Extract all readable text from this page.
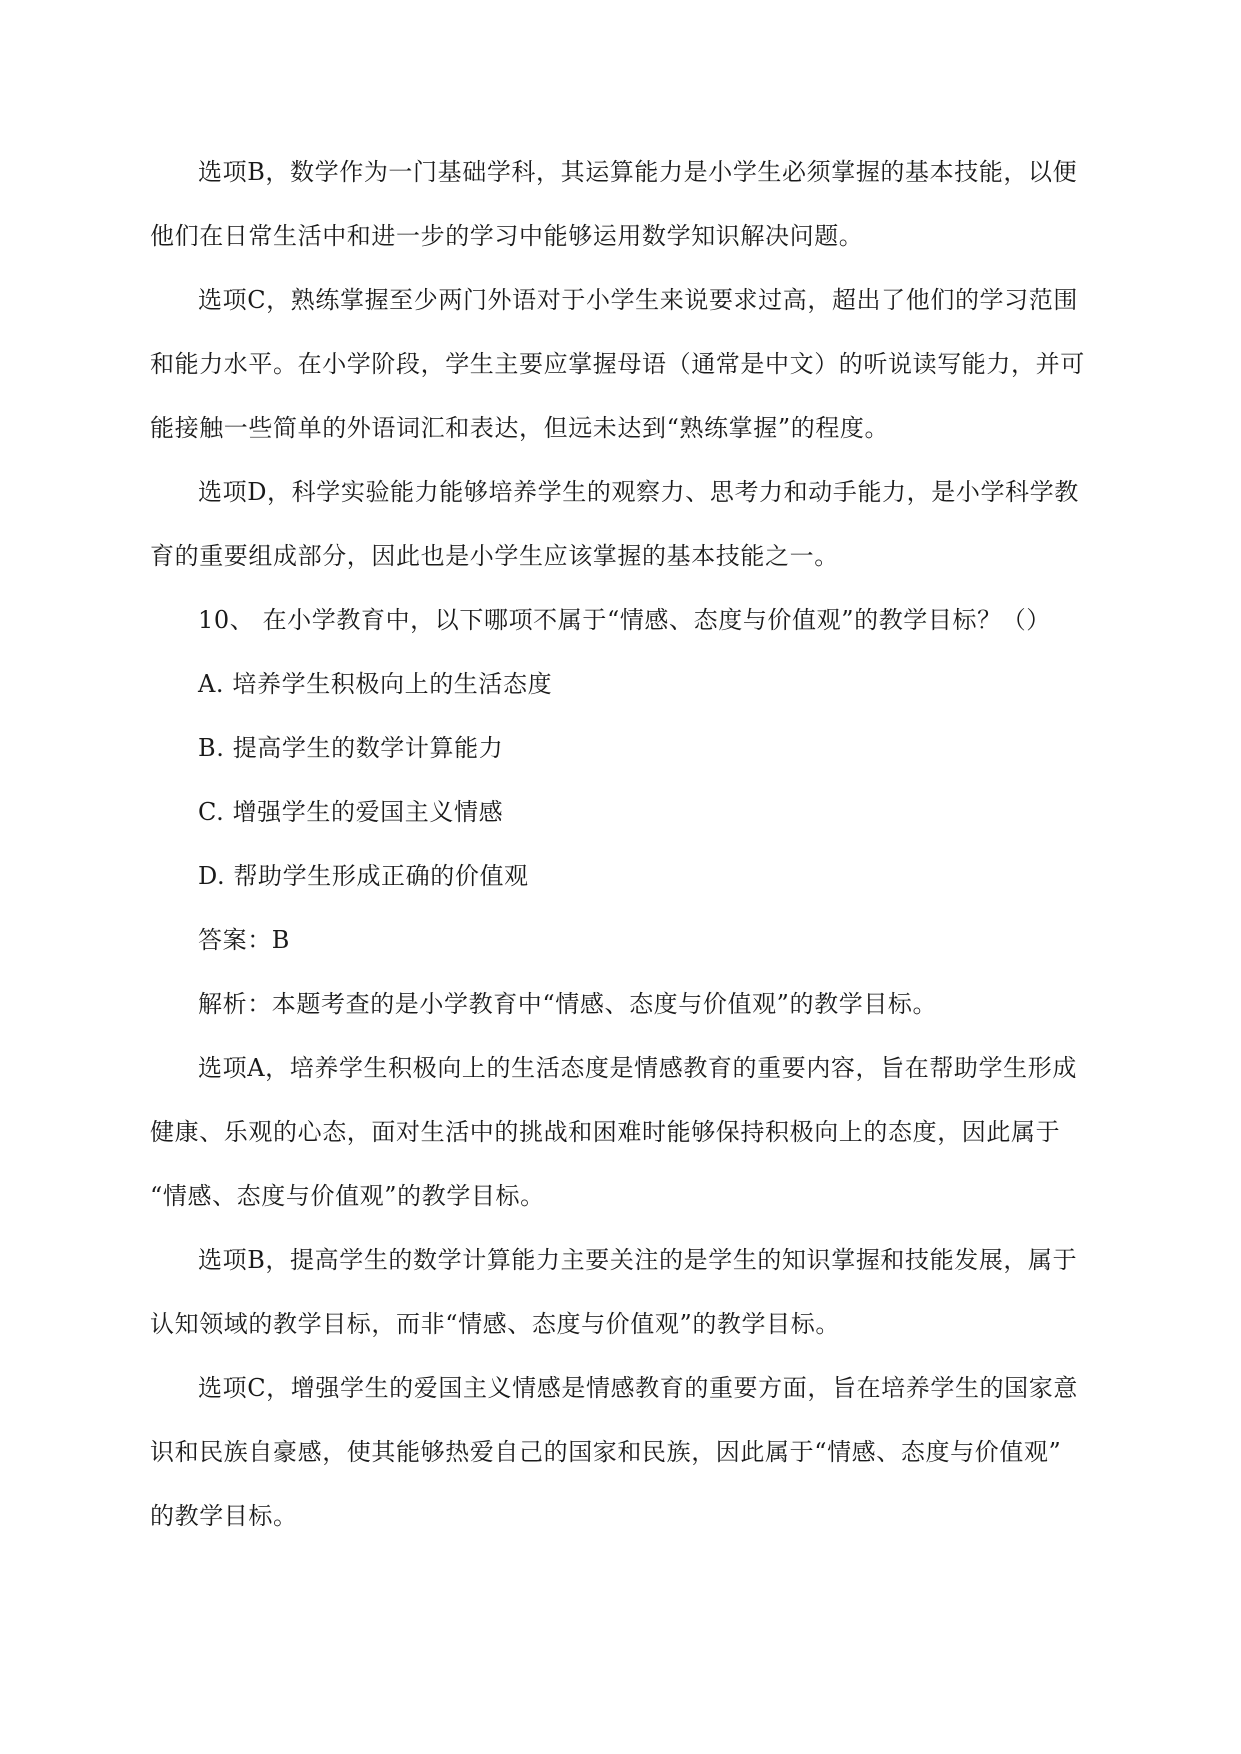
选项B，数学作为一门基础学科，其运算能力是小学生必须掌握的基本技能，以便
他们在日常生活中和进一步的学习中能够运用数学知识解决问题。
选项C，熟练掌握至少两门外语对于小学生来说要求过高，超出了他们的学习范围
和能力水平。在小学阶段，学生主要应掌握母语（通常是中文）的听说读写能力，并可
能接触一些简单的外语词汇和表达，但远未达到“熟练掌握”的程度。
选项D，科学实验能力能够培养学生的观察力、思考力和动手能力，是小学科学教
育的重要组成部分，因此也是小学生应该掌握的基本技能之一。

10、 在小学教育中，以下哪项不属于“情感、态度与价值观”的教学目标？（）

A. 培养学生积极向上的生活态度

B. 提高学生的数学计算能力

C. 增强学生的爱国主义情感

D. 帮助学生形成正确的价值观

答案：B

解析：本题考查的是小学教育中“情感、态度与价值观”的教学目标。

选项A，培养学生积极向上的生活态度是情感教育的重要内容，旨在帮助学生形成
健康、乐观的心态，面对生活中的挑战和困难时能够保持积极向上的态度，因此属于
“情感、态度与价值观”的教学目标。
选项B，提高学生的数学计算能力主要关注的是学生的知识掌握和技能发展，属于
认知领域的教学目标，而非“情感、态度与价值观”的教学目标。
选项C，增强学生的爱国主义情感是情感教育的重要方面，旨在培养学生的国家意
识和民族自豪感，使其能够热爱自己的国家和民族，因此属于“情感、态度与价值观”
的教学目标。
